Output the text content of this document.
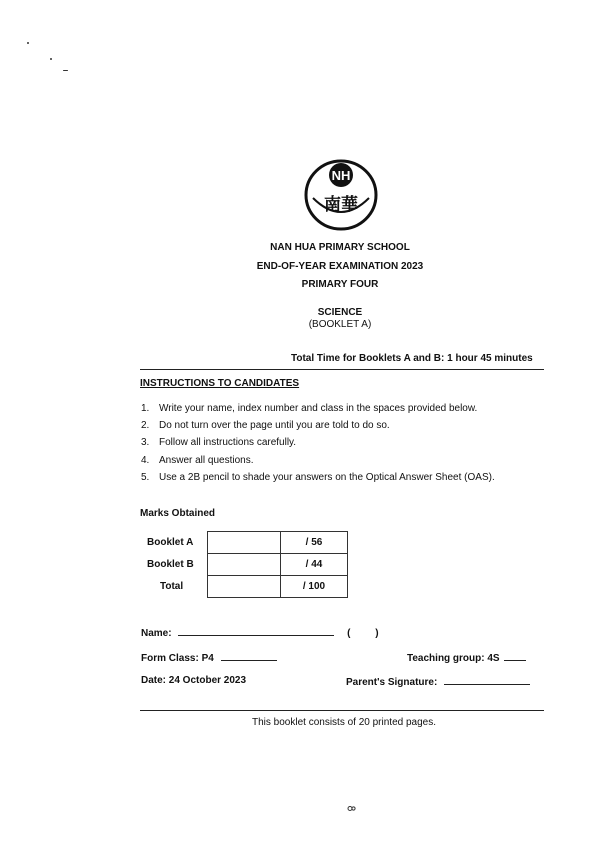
NH
南華
NAN HUA PRIMARY SCHOOL
END-OF-YEAR EXAMINATION 2023
PRIMARY FOUR
SCIENCE
(BOOKLET A)
Total Time for Booklets A and B: 1 hour 45 minutes
INSTRUCTIONS TO CANDIDATES
1. Write your name, index number and class in the spaces provided below.
2. Do not turn over the page until you are told to do so.
3. Follow all instructions carefully.
4. Answer all questions.
5. Use a 2B pencil to shade your answers on the Optical Answer Sheet (OAS).
Marks Obtained
Booklet A		/ 56
Booklet B		/ 44
Total		/ 100
Name:	( )
Form Class: P4	Teaching group: 4S
Date: 24 October 2023	Parent's Signature:
This booklet consists of 20 printed pages.
